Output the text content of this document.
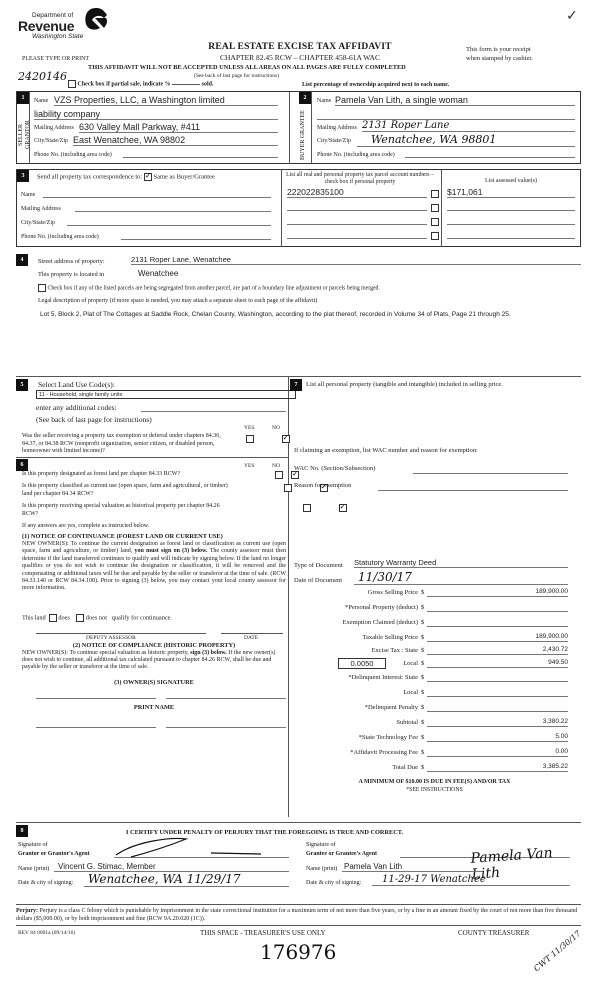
Department of
Revenue
Washington State
✓
REAL ESTATE EXCISE TAX AFFIDAVIT
CHAPTER 82.45 RCW – CHAPTER 458-61A WAC
PLEASE TYPE OR PRINT
This form is your receipt
when stamped by cashier.
THIS AFFIDAVIT WILL NOT BE ACCEPTED UNLESS ALL AREAS ON ALL PAGES ARE FULLY COMPLETED
2420146	(See back of last page for instructions)
Check box if partial sale, indicate %	sold.	List percentage of ownership acquired next to each name.
1
SELLER GRANTOR
Name VZS Properties, LLC, a Washington limited
liability company
Mailing Address 630 Valley Mall Parkway, #411
City/State/Zip East Wenatchee, WA 98802
Phone No. (including area code)
2
BUYER GRANTEE
Name Pamela Van Lith, a single woman
Mailing Address 2131 Roper Lane
City/State/Zip	Wenatchee, WA 98801
Phone No. (including area code)
3	Send all property tax correspondence to: ✓ Same as Buyer/Grantee
Name
Mailing Address
City/State/Zip
Phone No. (including area code)
List all real and personal property tax parcel account numbers – check box if personal property	List assessed value(s)
222022835100	$171,061
4	Street address of property:	2131 Roper Lane, Wenatchee
This property is located in	Wenatchee
Check box if any of the listed parcels are being segregated from another parcel, are part of a boundary line adjustment or parcels being merged.
Legal description of property (if more space is needed, you may attach a separate sheet to each page of the affidavit)
Lot 5, Block 2, Plat of The Cottages at Saddle Rock, Chelan County, Washington, according to the plat thereof, recorded in Volume 34 of Plats, Page 21 through 25.
5	Select Land Use Code(s):
11 - Household, single family units
enter any additional codes:
(See back of last page for instructions)
YES	NO
Was the seller receiving a property tax exemption or deferral under chapters 84.36, 84.37, or 84.38 RCW (nonprofit organization, senior citizen, or disabled person, homeowner with limited income)?
✓
6	YES	NO
Is this property designated as forest land per chapter 84.33 RCW?
✓
Is this property classified as current use (open space, farm and agricultural, or timber) land per chapter 84.34 RCW?
✓
Is this property receiving special valuation as historical property per chapter 84.26 RCW?
✓
If any answers are yes, complete as instructed below.
(1) NOTICE OF CONTINUANCE (FOREST LAND OR CURRENT USE)
NEW OWNER(S): To continue the current designation as forest land or classification as current use (open space, farm and agriculture, or timber) land, you must sign on (3) below. The county assessor must then determine if the land transferred continues to qualify and will indicate by signing below. If the land no longer qualifies or you do not wish to continue the designation or classification, it will be removed and the compensating or additional taxes will be due and payable by the seller or transferor at the time of sale. (RCW 84.33.140 or RCW 84.34.108). Prior to signing (3) below, you may contact your local county assessor for more information.
This land does	does not qualify for continuance.
DEPUTY ASSESSOR	DATE
(2) NOTICE OF COMPLIANCE (HISTORIC PROPERTY)
NEW OWNER(S): To continue special valuation as historic property, sign (3) below. If the new owner(s) does not wish to continue, all additional tax calculated pursuant to chapter 84.26 RCW, shall be due and payable by the seller or transferor at the time of sale.
(3) OWNER(S) SIGNATURE
PRINT NAME
7	List all personal property (tangible and intangible) included in selling price.
If claiming an exemption, list WAC number and reason for exemption:
WAC No. (Section/Subsection)
Reason for exemption
Type of Document Statutory Warranty Deed
Date of Document	11/30/17
Gross Selling Price $	189,900.00
*Personal Property (deduct) $
Exemption Claimed (deduct) $
Taxable Selling Price $	189,900.00
Excise Tax : State $	2,430.72
0.0050	Local $	949.50
*Delinquent Interest: State $
Local $
*Delinquent Penalty $
Subtotal $	3,380.22
*State Technology Fee $	5.00
*Affidavit Processing Fee $	0.00
Total Due $	3,385.22
A MINIMUM OF $10.00 IS DUE IN FEE(S) AND/OR TAX
*SEE INSTRUCTIONS
8	I CERTIFY UNDER PENALTY OF PERJURY THAT THE FOREGOING IS TRUE AND CORRECT.
Signature of
Grantor or Grantor's Agent
Name (print)	Vincent G. Stimac, Member
Date & city of signing:	Wenatchee, WA 11/29/17
Signature of
Grantee or Grantee's Agent	Pamela Van Lith
Name (print) Pamela Van Lith
Date & city of signing:	11-29-17 Wenatchee
Perjury: Perjury is a class C felony which is punishable by imprisonment in the state correctional institution for a maximum term of not more than five years, or by a fine in an amount fixed by the court of not more than five thousand dollars ($5,000.00), or by both imprisonment and fine (RCW 9A.20.020 (1C)).
REV 84 0001a (09/14/16)	THIS SPACE - TREASURER'S USE ONLY	COUNTY TREASURER
176976	CWT 11/30/17
